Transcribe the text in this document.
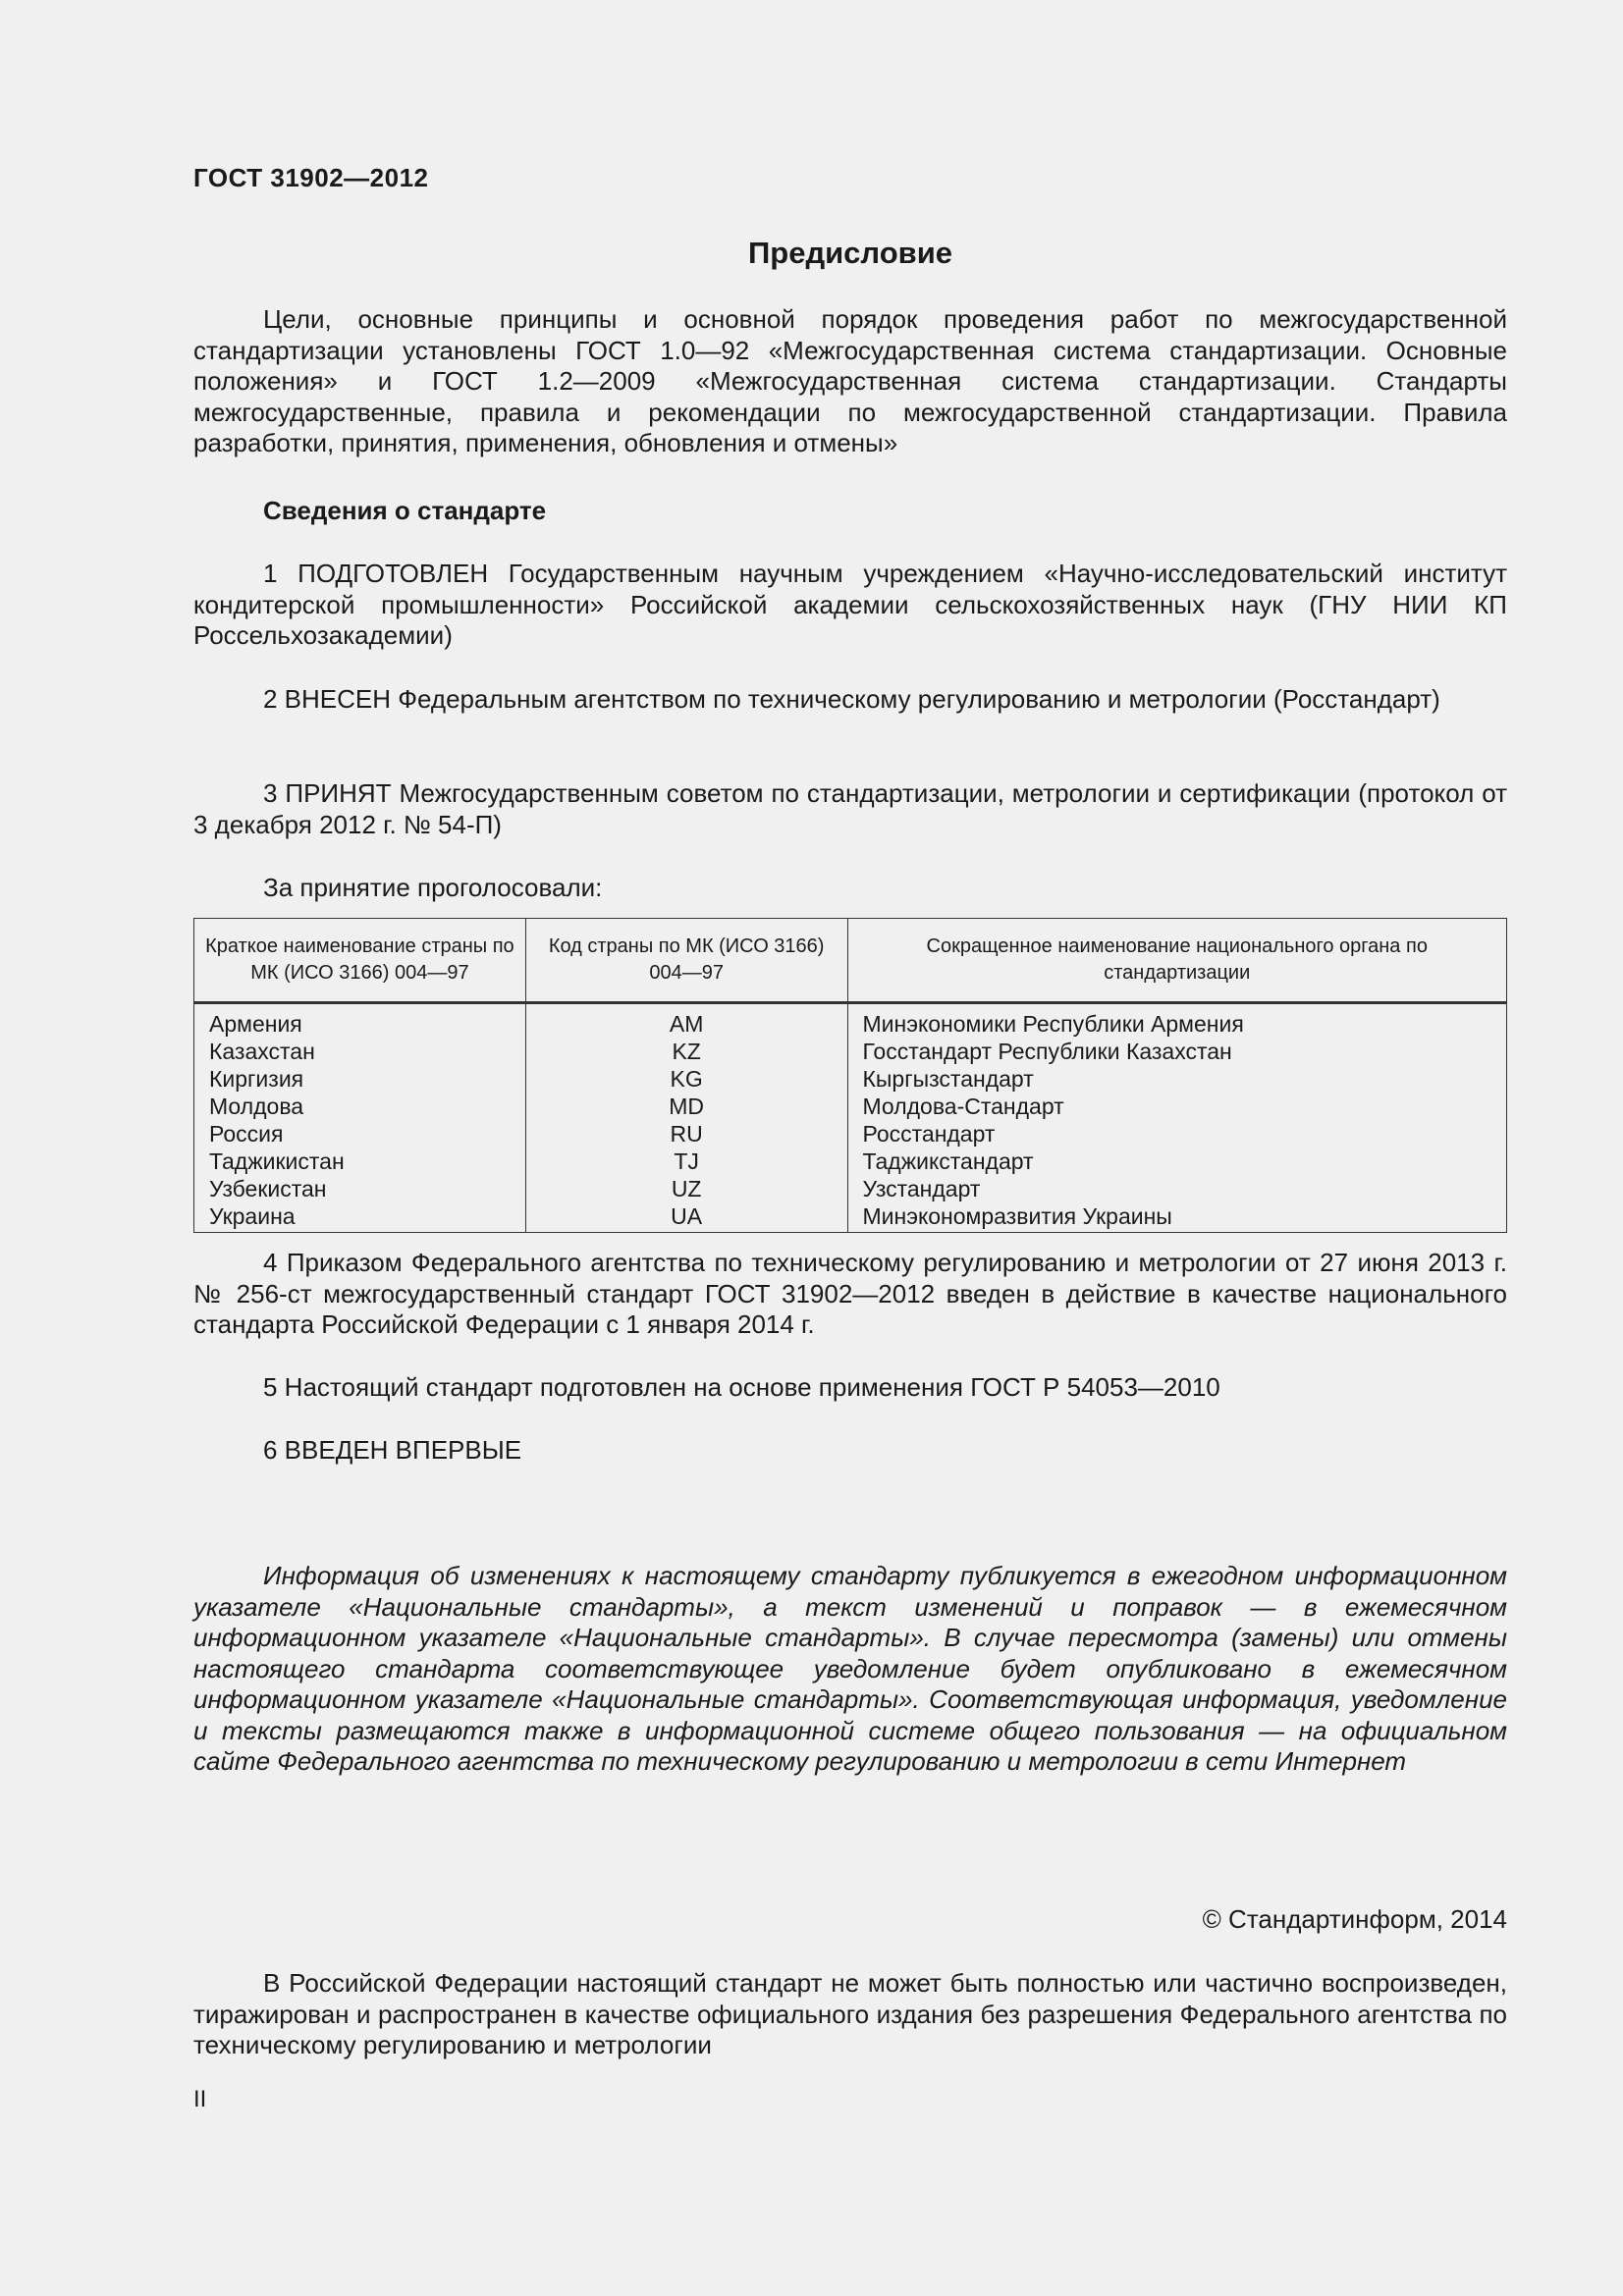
ГОСТ 31902—2012
Предисловие

Цели, основные принципы и основной порядок проведения работ по межгосударственной стандартизации установлены ГОСТ 1.0—92 «Межгосударственная система стандартизации. Основные положения» и ГОСТ 1.2—2009 «Межгосударственная система стандартизации. Стандарты межгосударственные, правила и рекомендации по межгосударственной стандартизации. Правила разработки, принятия, применения, обновления и отмены»

Сведения о стандарте

1 ПОДГОТОВЛЕН Государственным научным учреждением «Научно-исследовательский институт кондитерской промышленности» Российской академии сельскохозяйственных наук (ГНУ НИИ КП Россельхозакадемии)

2 ВНЕСЕН Федеральным агентством по техническому регулированию и метрологии (Росстандарт)

3 ПРИНЯТ Межгосударственным советом по стандартизации, метрологии и сертификации (протокол от 3 декабря 2012 г. № 54-П)

За принятие проголосовали:

Краткое наименование страны по МК (ИСО 3166) 004—97	Код страны по МК (ИСО 3166) 004—97	Сокращенное наименование национального органа по стандартизации
Армения	AM	Минэкономики Республики Армения
Казахстан	KZ	Госстандарт Республики Казахстан
Киргизия	KG	Кыргызстандарт
Молдова	MD	Молдова-Стандарт
Россия	RU	Росстандарт
Таджикистан	TJ	Таджикстандарт
Узбекистан	UZ	Узстандарт
Украина	UA	Минэкономразвития Украины

4 Приказом Федерального агентства по техническому регулированию и метрологии от 27 июня 2013 г. № 256-ст межгосударственный стандарт ГОСТ 31902—2012 введен в действие в качестве национального стандарта Российской Федерации с 1 января 2014 г.

5 Настоящий стандарт подготовлен на основе применения ГОСТ Р 54053—2010

6 ВВЕДЕН ВПЕРВЫЕ

Информация об изменениях к настоящему стандарту публикуется в ежегодном информационном указателе «Национальные стандарты», а текст изменений и поправок — в ежемесячном информационном указателе «Национальные стандарты». В случае пересмотра (замены) или отмены настоящего стандарта соответствующее уведомление будет опубликовано в ежемесячном информационном указателе «Национальные стандарты». Соответствующая информация, уведомление и тексты размещаются также в информационной системе общего пользования — на официальном сайте Федерального агентства по техническому регулированию и метрологии в сети Интернет

© Стандартинформ, 2014

В Российской Федерации настоящий стандарт не может быть полностью или частично воспроизведен, тиражирован и распространен в качестве официального издания без разрешения Федерального агентства по техническому регулированию и метрологии

II
